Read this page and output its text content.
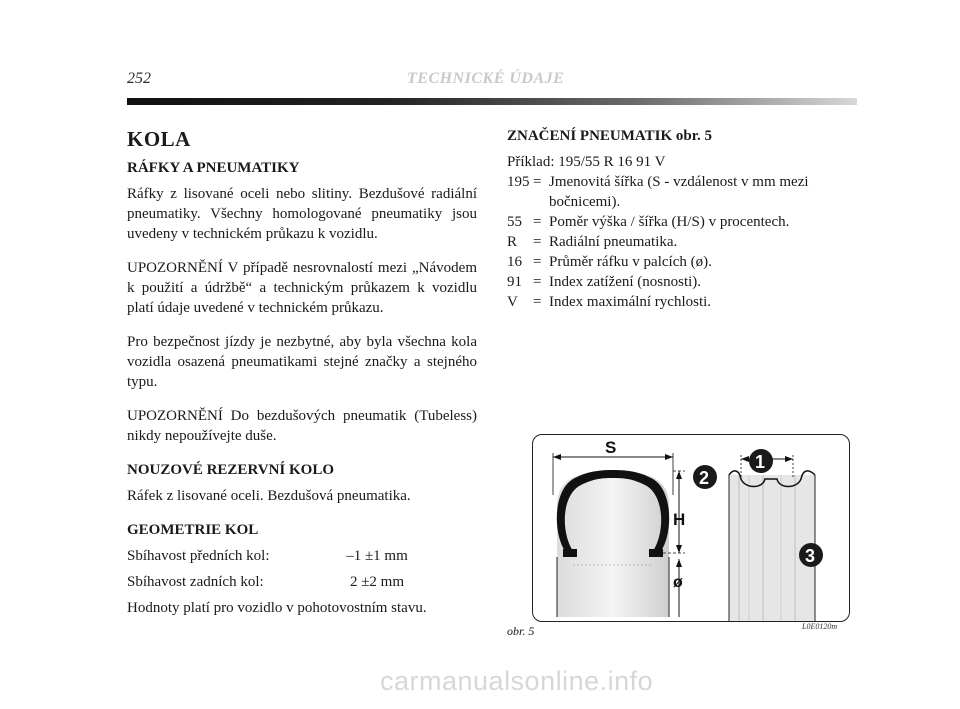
252	TECHNICKÉ ÚDAJE
KOLA
RÁFKY A PNEUMATIKY

Ráfky z lisované oceli nebo slitiny. Bezdušové radiální pneumatiky. Všechny homologované pneumatiky jsou uvedeny v technickém průkazu k vozidlu.

UPOZORNĚNÍ V případě nesrovnalostí mezi „Návodem k použití a údržbě“ a technickým průkazem k vozidlu platí údaje uvedené v technickém průkazu.

Pro bezpečnost jízdy je nezbytné, aby byla všechna kola vozidla osazená pneumatikami stejné značky a stejného typu.

UPOZORNĚNÍ Do bezdušových pneumatik (Tubeless) nikdy nepoužívejte duše.

NOUZOVÉ REZERVNÍ KOLO

Ráfek z lisované oceli. Bezdušová pneumatika.

GEOMETRIE KOL
Sbíhavost předních kol:	–1 ±1 mm
Sbíhavost zadních kol:	2 ±2 mm

Hodnoty platí pro vozidlo v pohotovostním stavu.

ZNAČENÍ PNEUMATIK obr. 5
Příklad: 195/55 R 16 91 V
195 = Jmenovitá šířka (S - vzdálenost v mm mezi bočnicemi).
55 = Poměr výška / šířka (H/S) v procentech.
R	= Radiální pneumatika.
16 = Průměr ráfku v palcích (ø).
91 = Index zatížení (nosnosti).
V	= Index maximální rychlosti.
S
H
ø
1
2
3
obr. 5	L0E0120m
carmanualsonline.info
